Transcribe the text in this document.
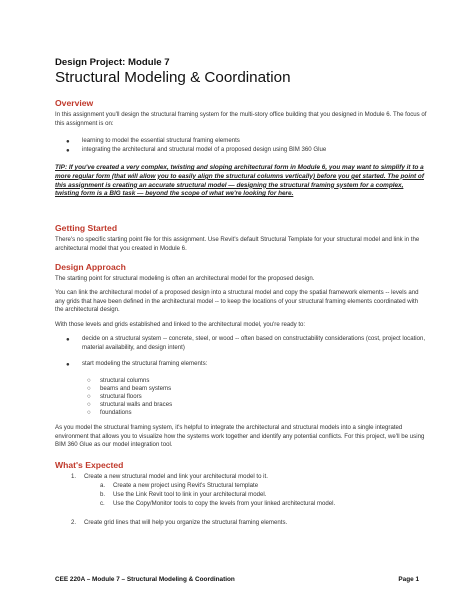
Design Project: Module 7
Structural Modeling & Coordination
Overview
In this assignment you'll design the structural framing system for the multi-story office building that you designed in Module 6. The focus of this assignment is on:
● learning to model the essential structural framing elements
● integrating the architectural and structural model of a proposed design using BIM 360 Glue
TIP: If you've created a very complex, twisting and sloping architectural form in Module 6, you may want to simplify it to a more regular form (that will allow you to easily align the structural columns vertically) before you get started. The point of this assignment is creating an accurate structural model — designing the structural framing system for a complex, twisting form is a BIG task — beyond the scope of what we're looking for here.
Getting Started
There's no specific starting point file for this assignment. Use Revit's default Structural Template for your structural model and link in the architectural model that you created in Module 6.
Design Approach
The starting point for structural modeling is often an architectural model for the proposed design.
You can link the architectural model of a proposed design into a structural model and copy the spatial framework elements -- levels and any grids that have been defined in the architectural model -- to keep the locations of your structural framing elements coordinated with the architectural design.
With those levels and grids established and linked to the architectural model, you're ready to:
● decide on a structural system -- concrete, steel, or wood -- often based on constructability considerations (cost, project location, material availability, and design intent)
● start modeling the structural framing elements:
○ structural columns
○ beams and beam systems
○ structural floors
○ structural walls and braces
○ foundations
As you model the structural framing system, it's helpful to integrate the architectural and structural models into a single integrated environment that allows you to visualize how the systems work together and identify any potential conflicts. For this project, we'll be using BIM 360 Glue as our model integration tool.
What's Expected
1. Create a new structural model and link your architectural model to it.
a. Create a new project using Revit's Structural template
b. Use the Link Revit tool to link in your architectural model.
c. Use the Copy/Monitor tools to copy the levels from your linked architectural model.
2. Create grid lines that will help you organize the structural framing elements.
CEE 220A – Module 7 – Structural Modeling & Coordination	Page 1
